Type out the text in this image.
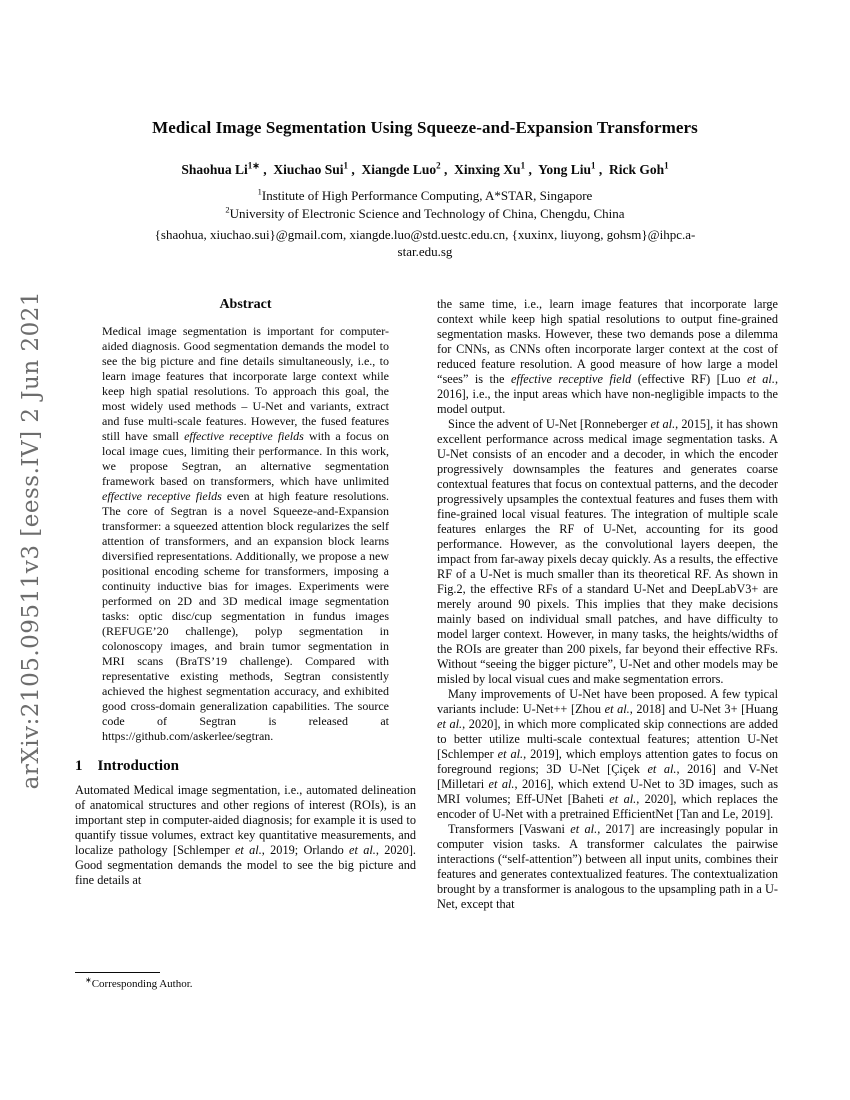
arXiv:2105.09511v3 [eess.IV] 2 Jun 2021
Medical Image Segmentation Using Squeeze-and-Expansion Transformers
Shaohua $Li^{1∗}$ ,  Xiuchao Sui$^1$ ,  Xiangde Luo$^2$ ,  Xinxing Xu$^1$ ,  Yong Liu$^1$ ,  Rick Goh$^1$
$^1$Institute of High Performance Computing, A*STAR, Singapore
$^2$University of Electronic Science and Technology of China, Chengdu, China
{shaohua, xiuchao.sui}@gmail.com, xiangde.luo@std.uestc.edu.cn, {xuxinx, liuyong, gohsm}@ihpc.a-star.edu.sg
Abstract
Medical image segmentation is important for computer-aided diagnosis. Good segmentation demands the model to see the big picture and fine details simultaneously, i.e., to learn image features that incorporate large context while keep high spatial resolutions. To approach this goal, the most widely used methods – U-Net and variants, extract and fuse multi-scale features. However, the fused features still have small effective receptive fields with a focus on local image cues, limiting their performance. In this work, we propose Segtran, an alternative segmentation framework based on transformers, which have unlimited effective receptive fields even at high feature resolutions. The core of Segtran is a novel Squeeze-and-Expansion transformer: a squeezed attention block regularizes the self attention of transformers, and an expansion block learns diversified representations. Additionally, we propose a new positional encoding scheme for transformers, imposing a continuity inductive bias for images. Experiments were performed on 2D and 3D medical image segmentation tasks: optic disc/cup segmentation in fundus images (REFUGE’20 challenge), polyp segmentation in colonoscopy images, and brain tumor segmentation in MRI scans (BraTS’19 challenge). Compared with representative existing methods, Segtran consistently achieved the highest segmentation accuracy, and exhibited good cross-domain generalization capabilities. The source code of Segtran is released at https://github.com/askerlee/segtran.
1 Introduction

Automated Medical image segmentation, i.e., automated delineation of anatomical structures and other regions of interest (ROIs), is an important step in computer-aided diagnosis; for example it is used to quantify tissue volumes, extract key quantitative measurements, and localize pathology [Schlemper et al., 2019; Orlando et al., 2020]. Good segmentation demands the model to see the big picture and fine details at

∗Corresponding Author.

the same time, i.e., learn image features that incorporate large context while keep high spatial resolutions to output fine-grained segmentation masks. However, these two demands pose a dilemma for CNNs, as CNNs often incorporate larger context at the cost of reduced feature resolution. A good measure of how large a model “sees” is the effective receptive field (effective RF) [Luo et al., 2016], i.e., the input areas which have non-negligible impacts to the model output.

Since the advent of U-Net [Ronneberger et al., 2015], it has shown excellent performance across medical image segmentation tasks. A U-Net consists of an encoder and a decoder, in which the encoder progressively downsamples the features and generates coarse contextual features that focus on contextual patterns, and the decoder progressively upsamples the contextual features and fuses them with fine-grained local visual features. The integration of multiple scale features enlarges the RF of U-Net, accounting for its good performance. However, as the convolutional layers deepen, the impact from far-away pixels decay quickly. As a results, the effective RF of a U-Net is much smaller than its theoretical RF. As shown in Fig.2, the effective RFs of a standard U-Net and DeepLabV3+ are merely around 90 pixels. This implies that they make decisions mainly based on individual small patches, and have difficulty to model larger context. However, in many tasks, the heights/widths of the ROIs are greater than 200 pixels, far beyond their effective RFs. Without “seeing the bigger picture”, U-Net and other models may be misled by local visual cues and make segmentation errors.

Many improvements of U-Net have been proposed. A few typical variants include: U-Net++ [Zhou et al., 2018] and U-Net 3+ [Huang et al., 2020], in which more complicated skip connections are added to better utilize multi-scale contextual features; attention U-Net [Schlemper et al., 2019], which employs attention gates to focus on foreground regions; 3D U-Net [Çiçek et al., 2016] and V-Net [Milletari et al., 2016], which extend U-Net to 3D images, such as MRI volumes; Eff-UNet [Baheti et al., 2020], which replaces the encoder of U-Net with a pretrained EfficientNet [Tan and Le, 2019].

Transformers [Vaswani et al., 2017] are increasingly popular in computer vision tasks. A transformer calculates the pairwise interactions (“self-attention”) between all input units, combines their features and generates contextualized features. The contextualization brought by a transformer is analogous to the upsampling path in a U-Net, except that
